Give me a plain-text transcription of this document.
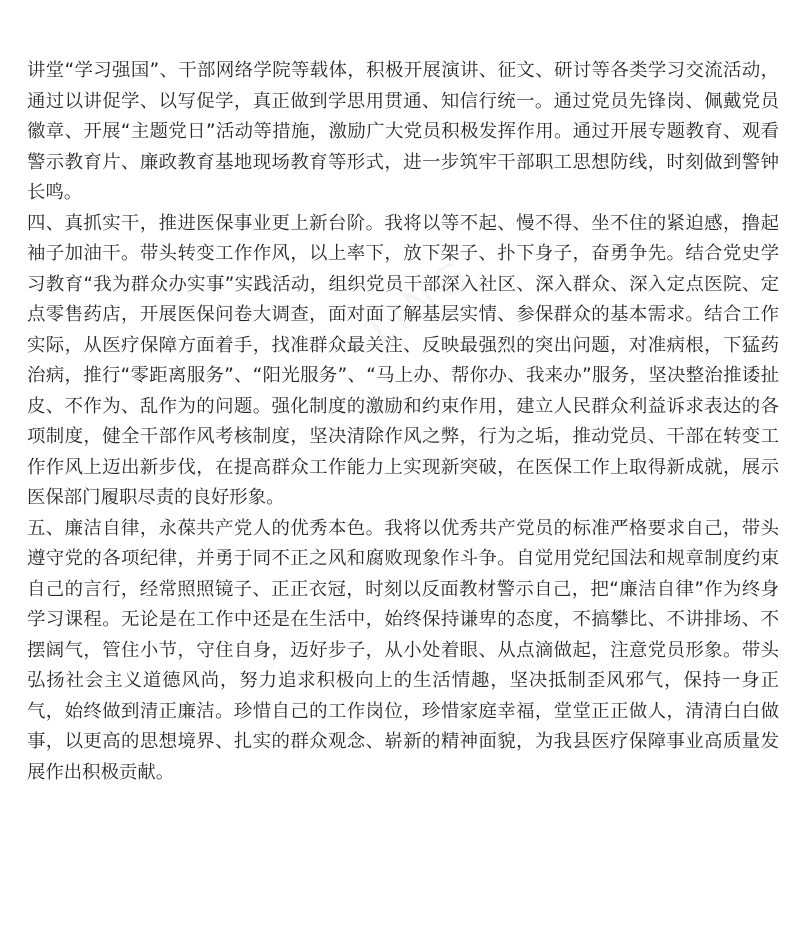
讲堂“学习强国”、干部网络学院等载体，积极开展演讲、征文、研讨等各类学习交流活动，通过以讲促学、以写促学，真正做到学思用贯通、知信行统一。通过党员先锋岗、佩戴党员徽章、开展“主题党日”活动等措施，激励广大党员积极发挥作用。通过开展专题教育、观看警示教育片、廉政教育基地现场教育等形式，进一步筑牢干部职工思想防线，时刻做到警钟长鸣。

四、真抓实干，推进医保事业更上新台阶。我将以等不起、慢不得、坐不住的紧迫感，撸起袖子加油干。带头转变工作作风，以上率下，放下架子、扑下身子，奋勇争先。结合党史学习教育“我为群众办实事”实践活动，组织党员干部深入社区、深入群众、深入定点医院、定点零售药店，开展医保问卷大调查，面对面了解基层实情、参保群众的基本需求。结合工作实际，从医疗保障方面着手，找准群众最关注、反映最强烈的突出问题，对准病根，下猛药治病，推行“零距离服务”、“阳光服务”、“马上办、帮你办、我来办”服务，坚决整治推诿扯皮、不作为、乱作为的问题。强化制度的激励和约束作用，建立人民群众利益诉求表达的各项制度，健全干部作风考核制度，坚决清除作风之弊，行为之垢，推动党员、干部在转变工作作风上迈出新步伐，在提高群众工作能力上实现新突破，在医保工作上取得新成就，展示医保部门履职尽责的良好形象。

五、廉洁自律，永葆共产党人的优秀本色。我将以优秀共产党员的标准严格要求自己，带头遵守党的各项纪律，并勇于同不正之风和腐败现象作斗争。自觉用党纪国法和规章制度约束自己的言行，经常照照镜子、正正衣冠，时刻以反面教材警示自己，把“廉洁自律”作为终身学习课程。无论是在工作中还是在生活中，始终保持谦卑的态度，不搞攀比、不讲排场、不摆阔气，管住小节，守住自身，迈好步子，从小处着眼、从点滴做起，注意党员形象。带头弘扬社会主义道德风尚，努力追求积极向上的生活情趣，坚决抵制歪风邪气，保持一身正气，始终做到清正廉洁。珍惜自己的工作岗位，珍惜家庭幸福，堂堂正正做人，清清白白做事，以更高的思想境界、扎实的群众观念、崭新的精神面貌，为我县医疗保障事业高质量发展作出积极贡献。
